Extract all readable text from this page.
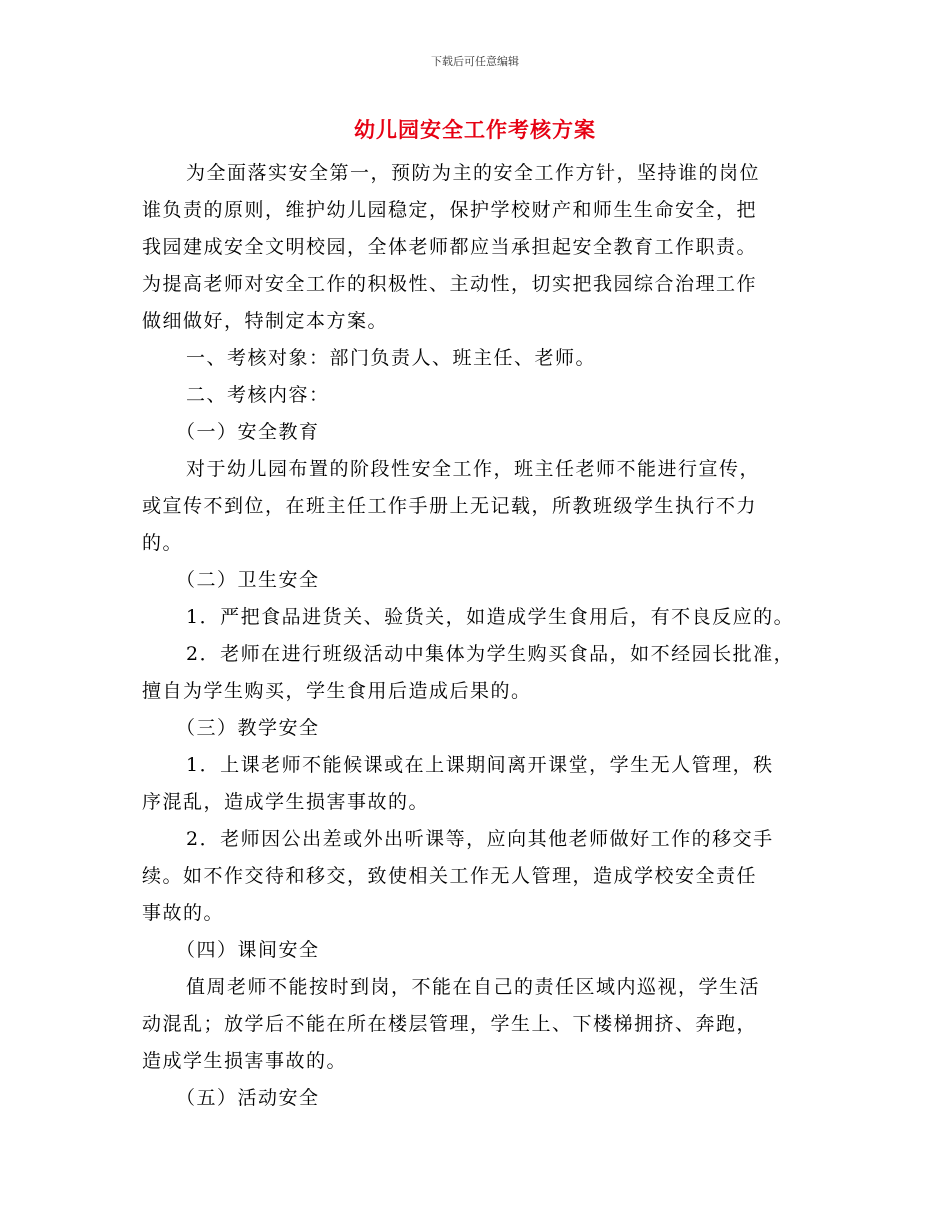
下载后可任意编辑
幼儿园安全工作考核方案
为全面落实安全第一，预防为主的安全工作方针，坚持谁的岗位
谁负责的原则，维护幼儿园稳定，保护学校财产和师生生命安全，把
我园建成安全文明校园，全体老师都应当承担起安全教育工作职责。
为提高老师对安全工作的积极性、主动性，切实把我园综合治理工作
做细做好，特制定本方案。
一、考核对象：部门负责人、班主任、老师。
二、考核内容：
（一）安全教育
对于幼儿园布置的阶段性安全工作，班主任老师不能进行宣传，
或宣传不到位，在班主任工作手册上无记载，所教班级学生执行不力
的。
（二）卫生安全
1．严把食品进货关、验货关，如造成学生食用后，有不良反应的。
2．老师在进行班级活动中集体为学生购买食品，如不经园长批准，
擅自为学生购买，学生食用后造成后果的。
（三）教学安全
1．上课老师不能候课或在上课期间离开课堂，学生无人管理，秩
序混乱，造成学生损害事故的。
2．老师因公出差或外出听课等，应向其他老师做好工作的移交手
续。如不作交待和移交，致使相关工作无人管理，造成学校安全责任
事故的。
（四）课间安全
值周老师不能按时到岗，不能在自己的责任区域内巡视，学生活
动混乱；放学后不能在所在楼层管理，学生上、下楼梯拥挤、奔跑，
造成学生损害事故的。
（五）活动安全
